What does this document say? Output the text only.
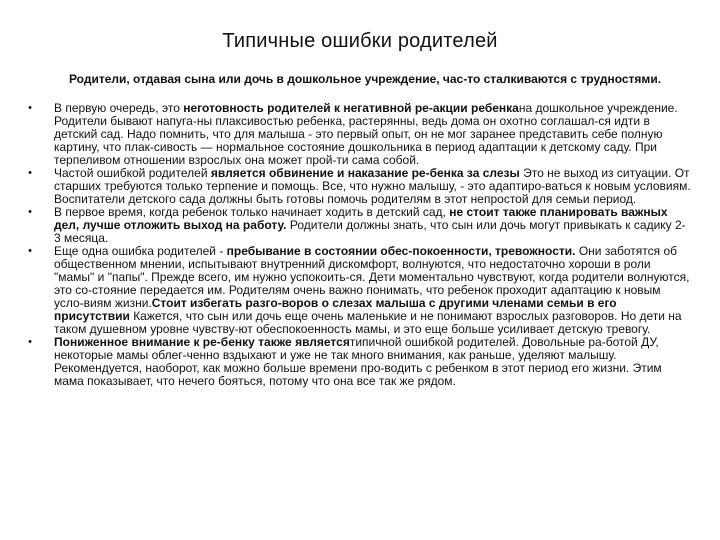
Типичные ошибки родителей
Родители, отдавая сына или дочь в дошкольное учреждение, час-то сталкиваются с трудностями.
•	В первую очередь, это неготовность родителей к негативной ре-акции ребенкана дошкольное учреждение. Родители бывают напуга-ны плаксивостью ребенка, растерянны, ведь дома он охотно соглашал-ся идти в детский сад. Надо помнить, что для малыша - это первый опыт, он не мог заранее представить себе полную картину, что плак-сивость — нормальное состояние дошкольника в период адаптации к детскому саду. При терпеливом отношении взрослых она может прой-ти сама собой.
•	Частой ошибкой родителей является обвинение и наказание ре-бенка за слезы Это не выход из ситуации. От старших требуются только терпение и помощь. Все, что нужно малышу, - это адаптиро-ваться к новым условиям. Воспитатели детского сада должны быть готовы помочь родителям в этот непростой для семьи период.
•	В первое время, когда ребенок только начинает ходить в детский сад, не стоит также планировать важных дел, лучше отложить выход на работу. Родители должны знать, что сын или дочь могут привыкать к садику 2-3 месяца.
•	Еще одна ошибка родителей - пребывание в состоянии обес-покоенности, тревожности. Они заботятся об общественном мнении, испытывают внутренний дискомфорт, волнуются, что недостаточно хороши в роли "мамы" и "папы". Прежде всего, им нужно успокоить-ся. Дети моментально чувствуют, когда родители волнуются, это со-стояние передается им. Родителям очень важно понимать, что ребенок проходит адаптацию к новым усло-виям жизни.Стоит избегать разго-воров о слезах малыша с другими членами семьи в его присутствии Кажется, что сын или дочь еще очень маленькие и не понимают взрослых разговоров. Но дети на таком душевном уровне чувству-ют обеспокоенность мамы, и это еще больше усиливает детскую тревогу.
•	Пониженное внимание к ре-бенку также являетсятипичной ошибкой родителей. Довольные ра-ботой ДУ, некоторые мамы облег-ченно вздыхают и уже не так много внимания, как раньше, уделяют малышу. Рекомендуется, наоборот, как можно больше времени про-водить с ребенком в этот период его жизни. Этим мама показывает, что нечего бояться, потому что она все так же рядом.
